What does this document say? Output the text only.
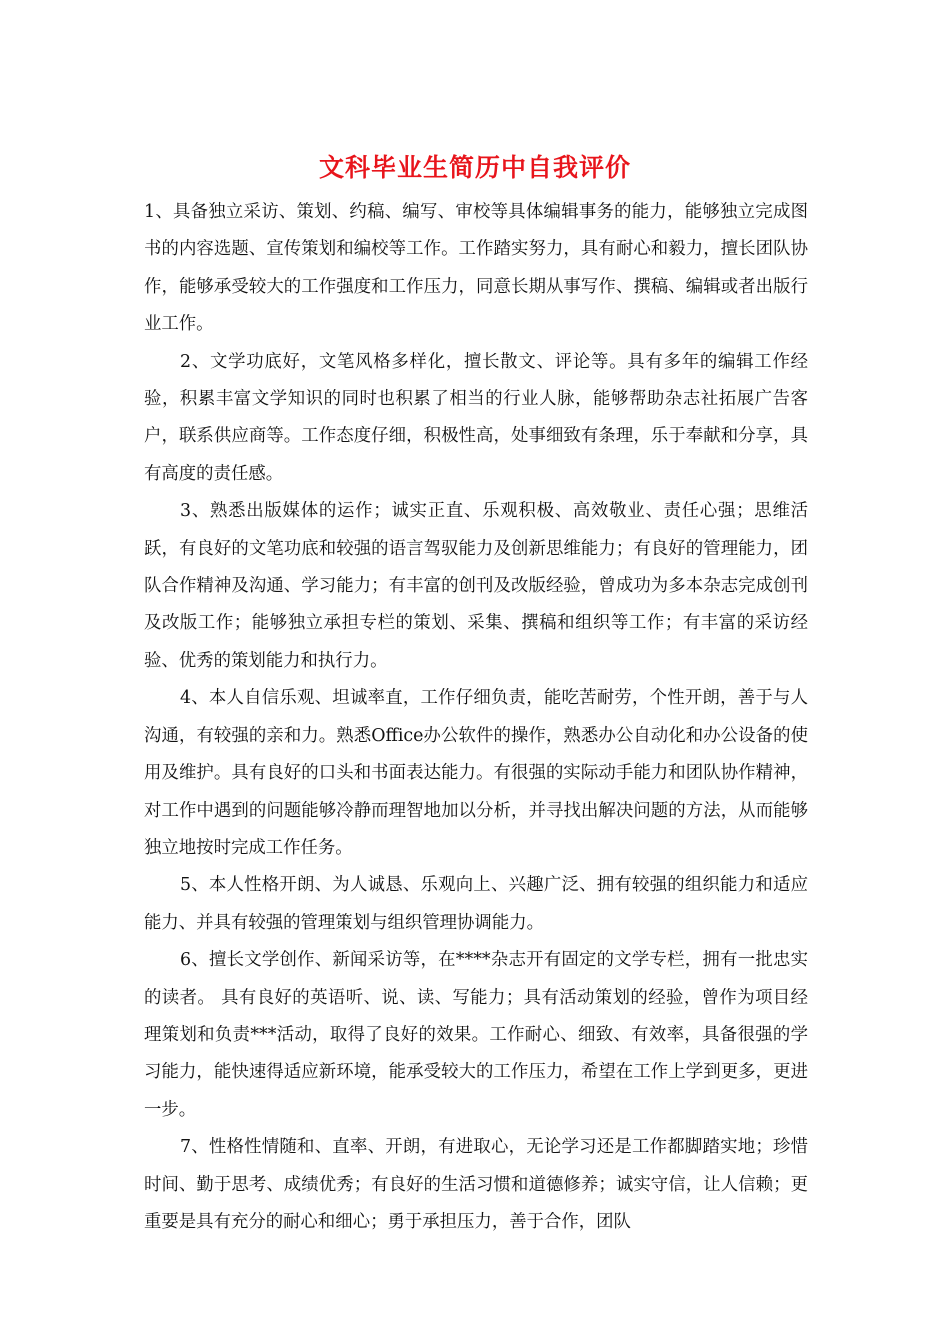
文科毕业生简历中自我评价

1、具备独立采访、策划、约稿、编写、审校等具体编辑事务的能力，能够独立完成图书的内容选题、宣传策划和编校等工作。工作踏实努力，具有耐心和毅力，擅长团队协作，能够承受较大的工作强度和工作压力，同意长期从事写作、撰稿、编辑或者出版行业工作。

2、文学功底好，文笔风格多样化，擅长散文、评论等。具有多年的编辑工作经验，积累丰富文学知识的同时也积累了相当的行业人脉，能够帮助杂志社拓展广告客户，联系供应商等。工作态度仔细，积极性高，处事细致有条理，乐于奉献和分享，具有高度的责任感。

3、熟悉出版媒体的运作；诚实正直、乐观积极、高效敬业、责任心强；思维活跃，有良好的文笔功底和较强的语言驾驭能力及创新思维能力；有良好的管理能力，团队合作精神及沟通、学习能力；有丰富的创刊及改版经验，曾成功为多本杂志完成创刊及改版工作；能够独立承担专栏的策划、采集、撰稿和组织等工作；有丰富的采访经验、优秀的策划能力和执行力。

4、本人自信乐观、坦诚率直，工作仔细负责，能吃苦耐劳，个性开朗，善于与人沟通，有较强的亲和力。熟悉Office办公软件的操作，熟悉办公自动化和办公设备的使用及维护。具有良好的口头和书面表达能力。有很强的实际动手能力和团队协作精神，对工作中遇到的问题能够冷静而理智地加以分析，并寻找出解决问题的方法，从而能够独立地按时完成工作任务。

5、本人性格开朗、为人诚恳、乐观向上、兴趣广泛、拥有较强的组织能力和适应能力、并具有较强的管理策划与组织管理协调能力。

6、擅长文学创作、新闻采访等，在****杂志开有固定的文学专栏，拥有一批忠实的读者。 具有良好的英语听、说、读、写能力；具有活动策划的经验，曾作为项目经理策划和负责***活动，取得了良好的效果。工作耐心、细致、有效率，具备很强的学习能力，能快速得适应新环境，能承受较大的工作压力，希望在工作上学到更多，更进一步。

7、性格性情随和、直率、开朗，有进取心，无论学习还是工作都脚踏实地；珍惜时间、勤于思考、成绩优秀；有良好的生活习惯和道德修养；诚实守信，让人信赖；更重要是具有充分的耐心和细心；勇于承担压力，善于合作，团队
